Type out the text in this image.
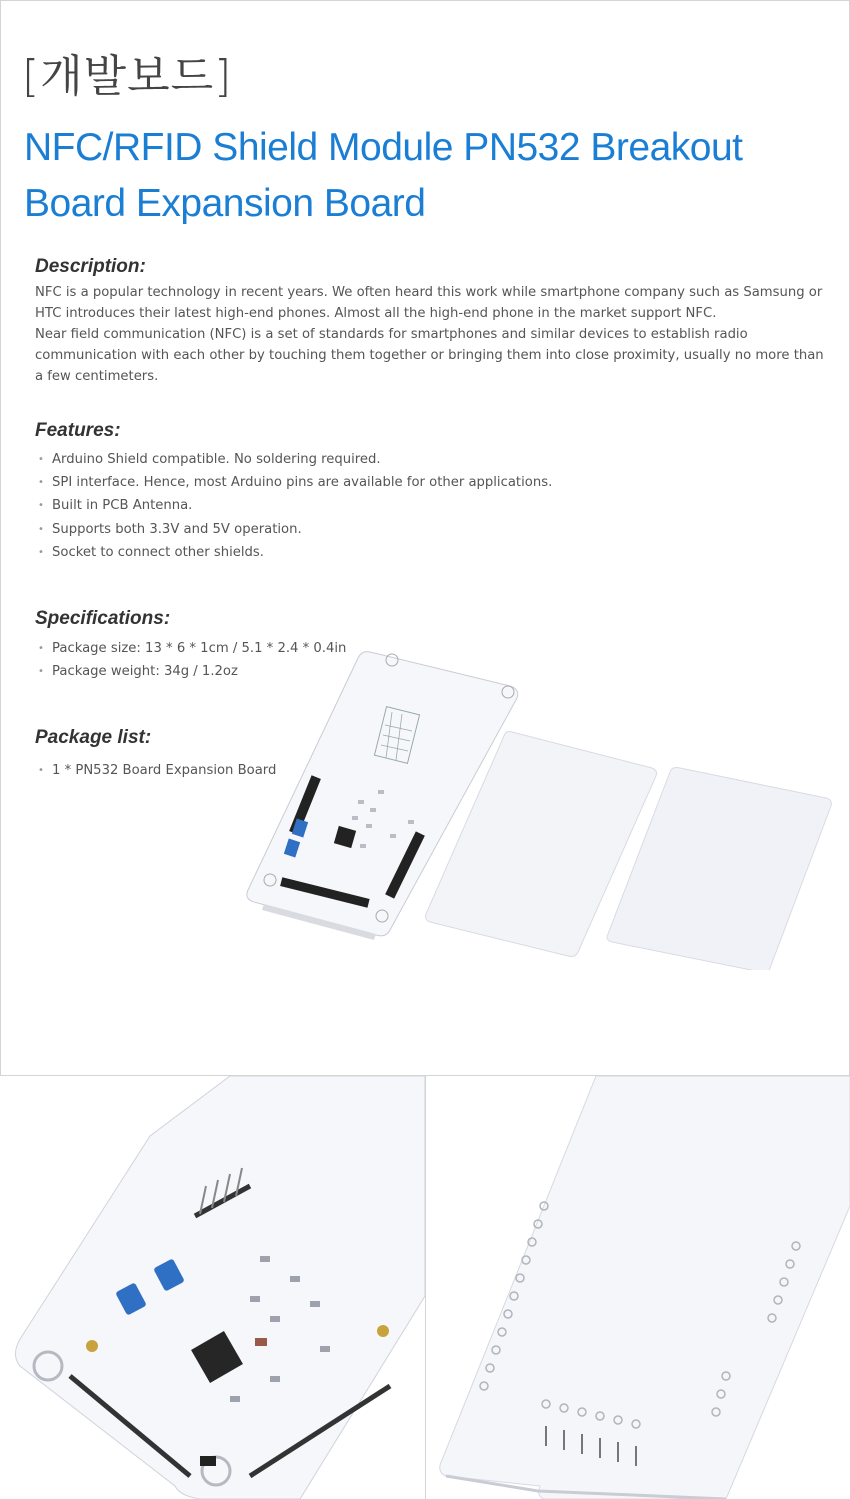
[개발보드]
NFC/RFID Shield Module PN532 Breakout Board Expansion Board
Description:

NFC is a popular technology in recent years. We often heard this work while smartphone company such as Samsung or HTC introduces their latest high-end phones. Almost all the high-end phone in the market support NFC.

Near field communication (NFC) is a set of standards for smartphones and similar devices to establish radio communication with each other by touching them together or bringing them into close proximity, usually no more than a few centimeters.

Features:
• Arduino Shield compatible. No soldering required.
• SPI interface. Hence, most Arduino pins are available for other applications.
• Built in PCB Antenna.
• Supports both 3.3V and 5V operation.
• Socket to connect other shields.
Specifications:
• Package size: 13 * 6 * 1cm / 5.1 * 2.4 * 0.4in
• Package weight: 34g / 1.2oz
Package list:
• 1 * PN532 Board Expansion Board
